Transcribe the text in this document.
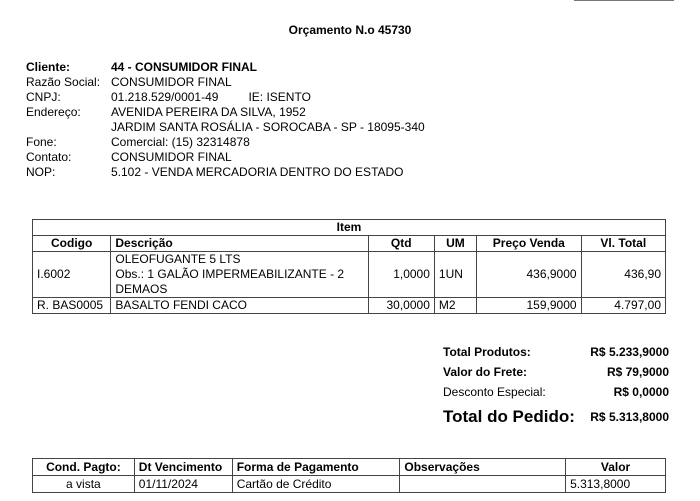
Orçamento N.o 45730
Cliente:	44 - CONSUMIDOR FINAL
Razão Social: CONSUMIDOR FINAL
CNPJ:	01.218.529/0001-49	IE: ISENTO
Endereço:	AVENIDA PEREIRA DA SILVA, 1952
JARDIM SANTA ROSÁLIA - SOROCABA - SP - 18095-340
Fone:	Comercial: (15) 32314878
Contato:	CONSUMIDOR FINAL
NOP:	5.102 - VENDA MERCADORIA DENTRO DO ESTADO
Item					
Codigo	Descrição	Qtd	UM	Preço Venda	Vl. Total
I.6002	OLEOFUGANTE 5 LTS
Obs.: 1 GALÃO IMPERMEABILIZANTE - 2
DEMAOS	1,0000	1UN	436,9000	436,90
R. BAS0005	BASALTO FENDI CACO	30,0000	M2	159,9000	4.797,00
Total Produtos:	R$ 5.233,9000
Valor do Frete:	R$ 79,9000
Desconto Especial:	R$ 0,0000
Total do Pedido: R$ 5.313,8000
Cond. Pagto:	Dt Vencimento	Forma de Pagamento	Observações	Valor
a vista	01/11/2024	Cartão de Crédito		5.313,8000
